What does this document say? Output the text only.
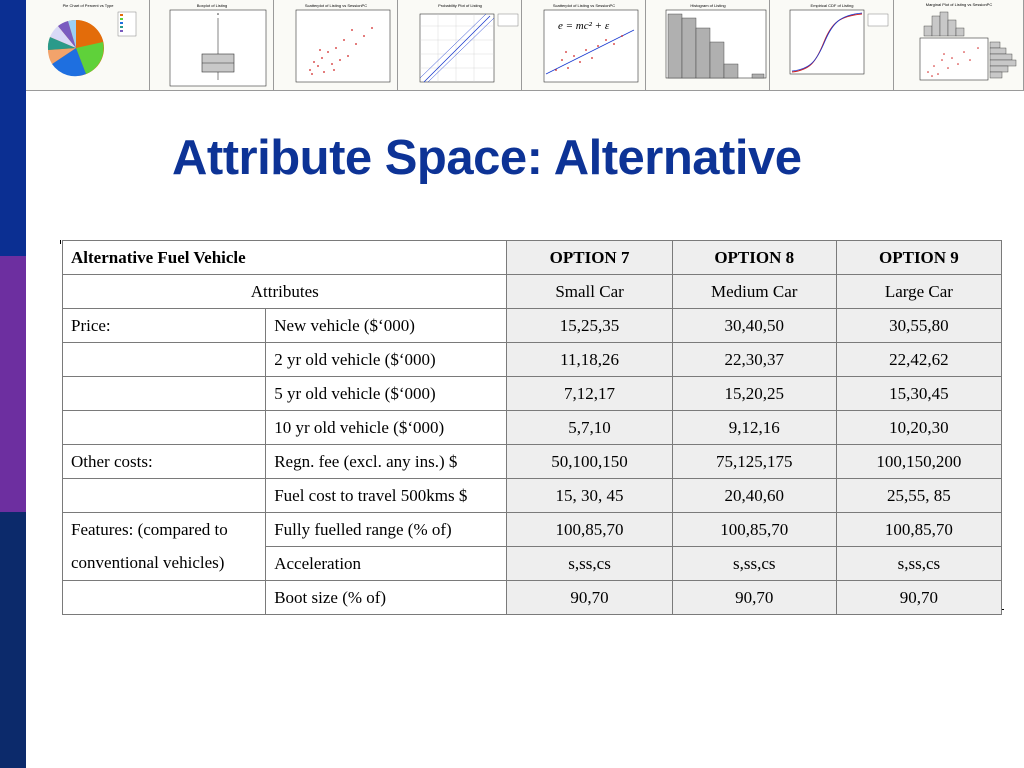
Pie Chart of Percent vs Type	Boxplot of Listing	Scatterplot of Listing vs SessionPC	Probability Plot of Listing	Scatterplot of Listing vs SessionPC
e = mc² + ε
Histogram of Listing	Empirical CDF of Listing	Marginal Plot of Listing vs SessionPC
Attribute Space: Alternative
Alternative Fuel Vehicle		OPTION 7	OPTION 8	OPTION 9
Attributes		Small Car	Medium Car	Large Car
Price:	New vehicle ($‘000)	15,25,35	30,40,50	30,55,80
	2 yr old vehicle ($‘000)	11,18,26	22,30,37	22,42,62
	5 yr old vehicle ($‘000)	7,12,17	15,20,25	15,30,45
	10 yr old vehicle ($‘000)	5,7,10	9,12,16	10,20,30
Other costs:	Regn. fee (excl. any ins.) $	50,100,150	75,125,175	100,150,200
	Fuel cost to travel 500kms $	15, 30, 45	20,40,60	25,55, 85
Features: (compared to	Fully fuelled range (% of)	100,85,70	100,85,70	100,85,70
conventional vehicles)	Acceleration	s,ss,cs	s,ss,cs	s,ss,cs
	Boot size (% of)	90,70	90,70	90,70
